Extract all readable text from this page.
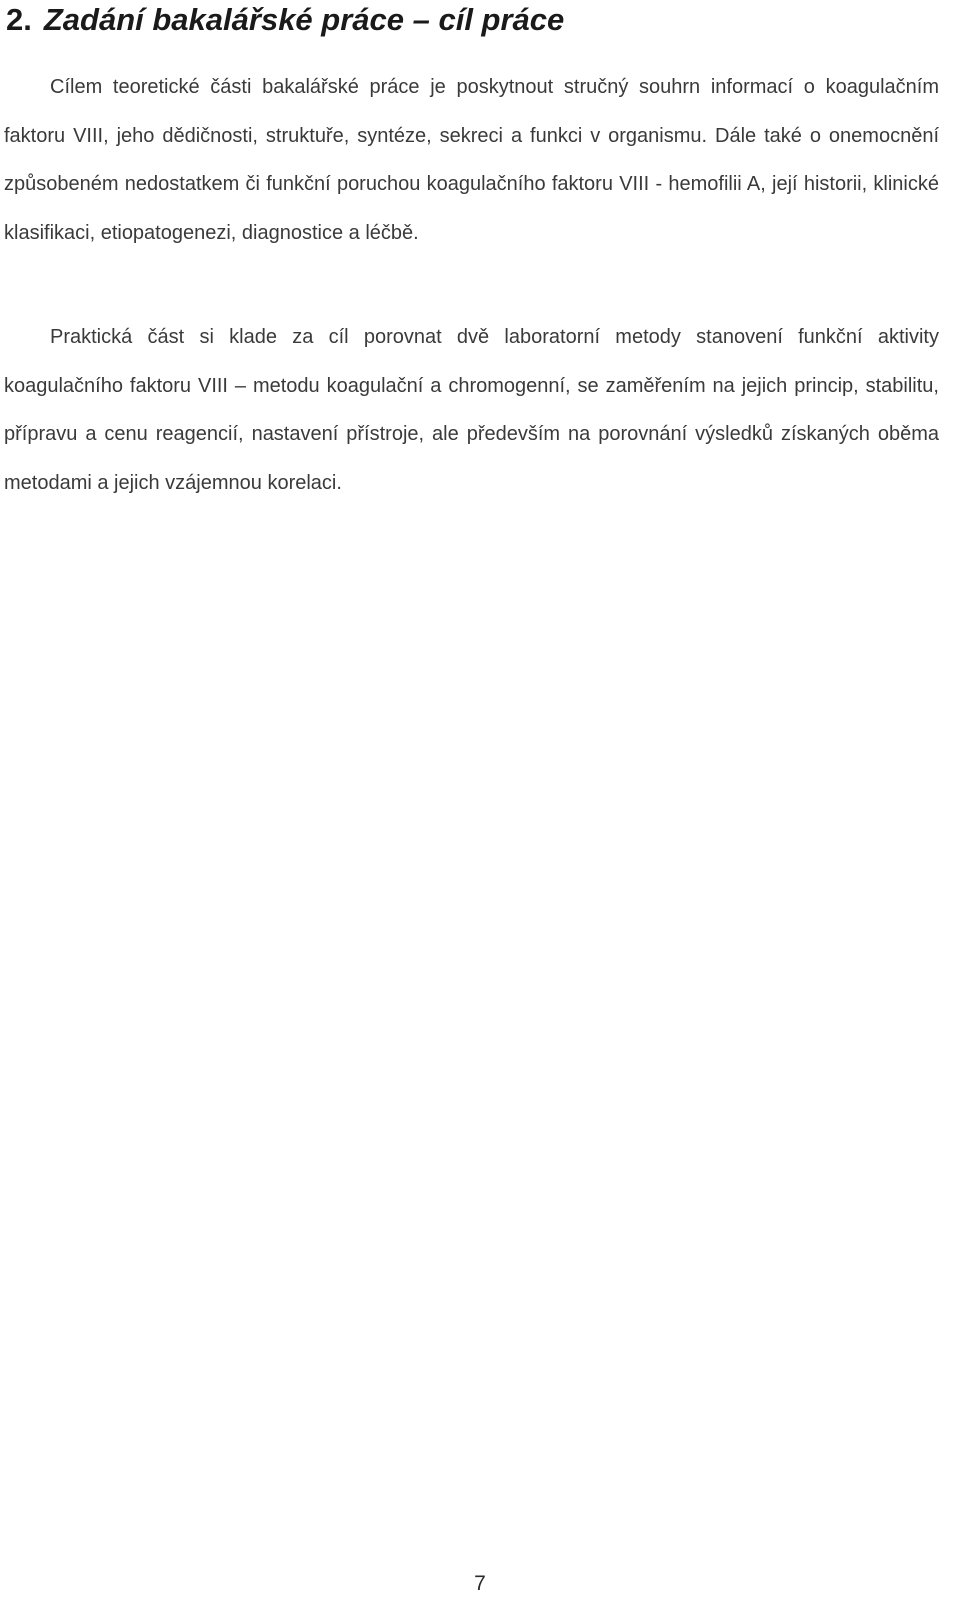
2. Zadání bakalářské práce – cíl práce

Cílem teoretické části bakalářské práce je poskytnout stručný souhrn informací o koagulačním faktoru VIII, jeho dědičnosti, struktuře, syntéze, sekreci a funkci v organismu. Dále také o onemocnění způsobeném nedostatkem či funkční poruchou koagulačního faktoru VIII - hemofilii A, její historii, klinické klasifikaci, etiopatogenezi, diagnostice a léčbě.

Praktická část si klade za cíl porovnat dvě laboratorní metody stanovení funkční aktivity koagulačního faktoru VIII – metodu koagulační a chromogenní, se zaměřením na jejich princip, stabilitu, přípravu a cenu reagencií, nastavení přístroje, ale především na porovnání výsledků získaných oběma metodami a jejich vzájemnou korelaci.

7
